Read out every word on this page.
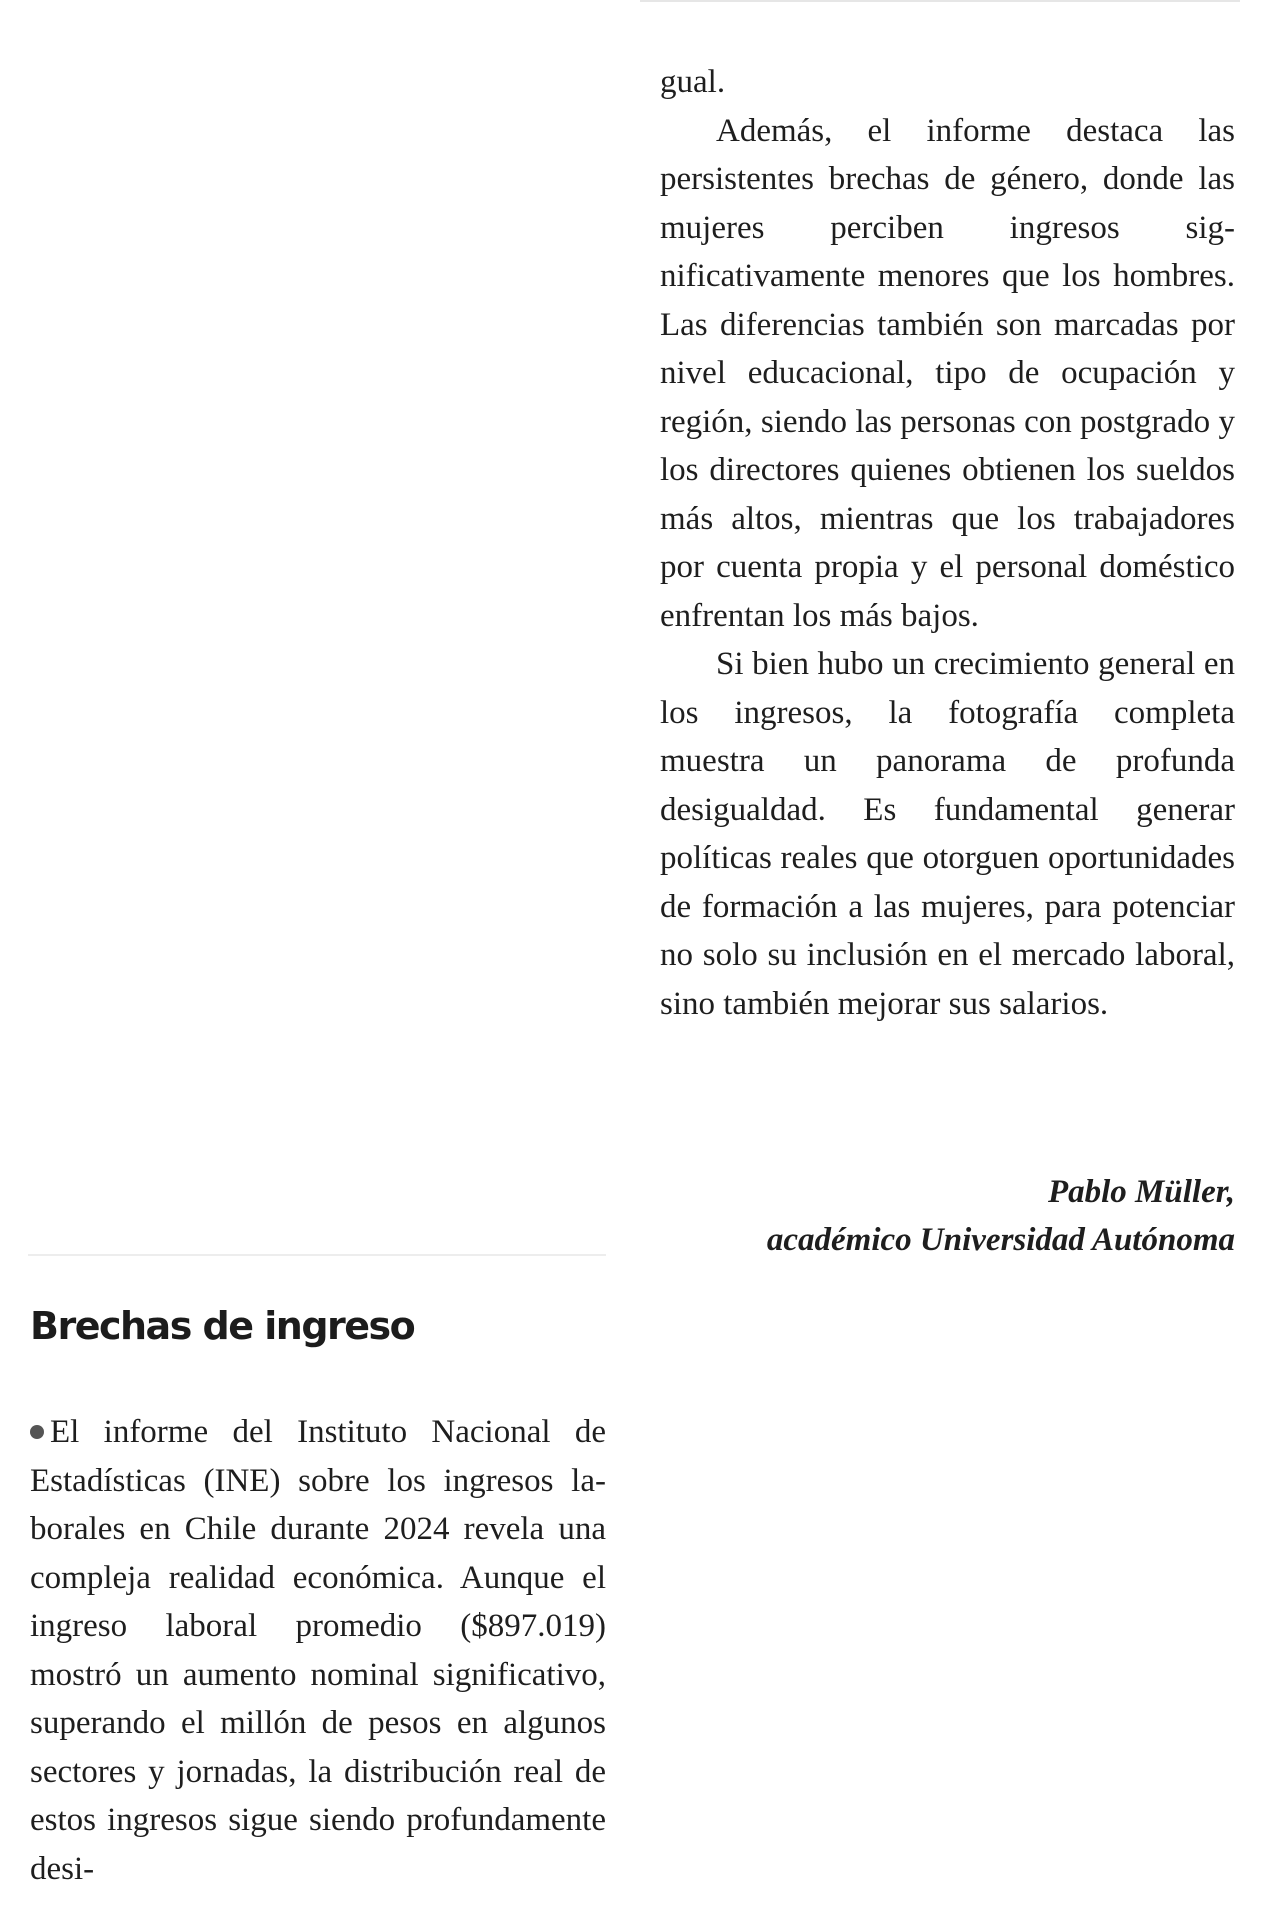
gual.

Además, el informe destaca las persistentes brechas de género, donde las mujeres perciben ingresos significativamente menores que los hombres. Las diferencias también son marcadas por nivel educacional, tipo de ocupación y región, siendo las personas con postgrado y los directores quienes obtienen los sueldos más altos, mientras que los trabajadores por cuenta propia y el personal doméstico enfrentan los más bajos.

Si bien hubo un crecimiento general en los ingresos, la fotografía completa muestra un panorama de profunda desigualdad. Es fundamental generar políticas reales que otorguen oportunidades de formación a las mujeres, para potenciar no solo su inclusión en el mercado laboral, sino también mejorar sus salarios.

Pablo Müller,
académico Universidad Autónoma
Brechas de ingreso

El informe del Instituto Nacional de Estadísticas (INE) sobre los ingresos laborales en Chile durante 2024 revela una compleja realidad económica. Aunque el ingreso laboral promedio ($897.019) mostró un aumento nominal significativo, superando el millón de pesos en algunos sectores y jornadas, la distribución real de estos ingresos sigue siendo profundamente desi-
